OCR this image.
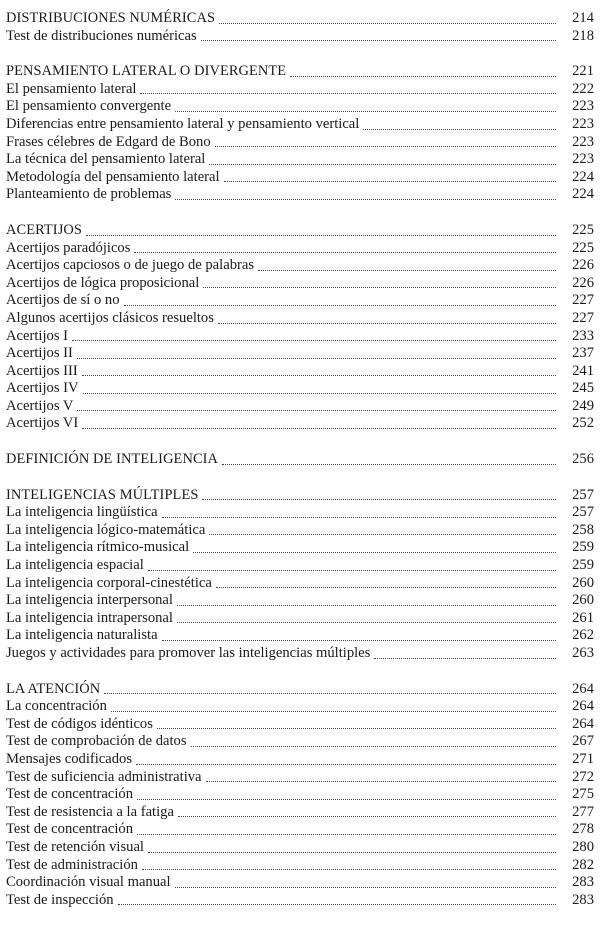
DISTRIBUCIONES NUMÉRICAS	214
Test de distribuciones numéricas	218
PENSAMIENTO LATERAL O DIVERGENTE	221
El pensamiento lateral	222
El pensamiento convergente	223
Diferencias entre pensamiento lateral y pensamiento vertical	223
Frases célebres de Edgard de Bono	223
La técnica del pensamiento lateral	223
Metodología del pensamiento lateral	224
Planteamiento de problemas	224
ACERTIJOS	225
Acertijos paradójicos	225
Acertijos capciosos o de juego de palabras	226
Acertijos de lógica proposicional	226
Acertijos de sí o no	227
Algunos acertijos clásicos resueltos	227
Acertijos I	233
Acertijos II	237
Acertijos III	241
Acertijos IV	245
Acertijos V	249
Acertijos VI	252
DEFINICIÓN DE INTELIGENCIA	256
INTELIGENCIAS MÚLTIPLES	257
La inteligencia lingüística	257
La inteligencia lógico-matemática	258
La inteligencia rítmico-musical	259
La inteligencia espacial	259
La inteligencia corporal-cinestética	260
La inteligencia interpersonal	260
La inteligencia intrapersonal	261
La inteligencia naturalista	262
Juegos y actividades para promover las inteligencias múltiples	263
LA ATENCIÓN	264
La concentración	264
Test de códigos idénticos	264
Test de comprobación de datos	267
Mensajes codificados	271
Test de suficiencia administrativa	272
Test de concentración	275
Test de resistencia a la fatiga	277
Test de concentración	278
Test de retención visual	280
Test de administración	282
Coordinación visual manual	283
Test de inspección	283
